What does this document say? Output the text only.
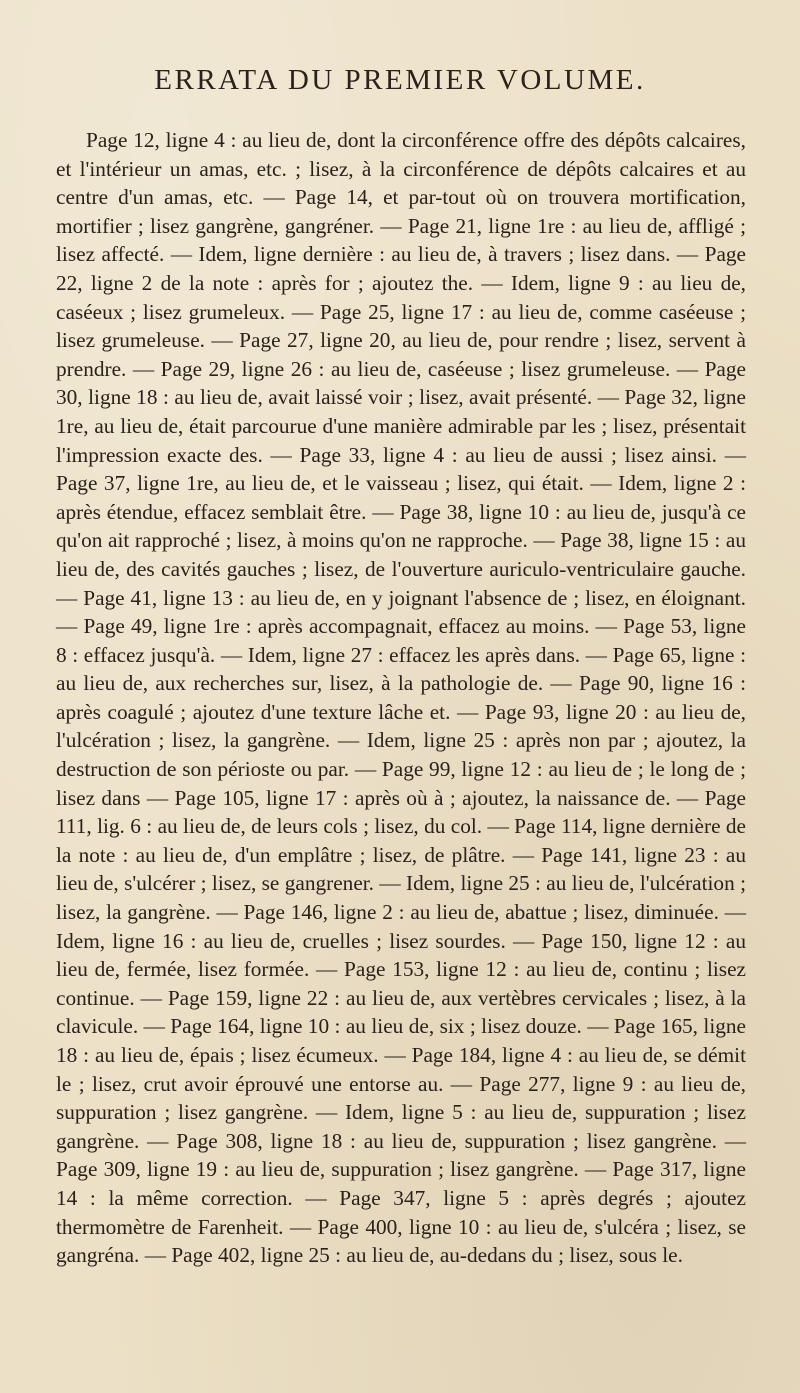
ERRATA DU PREMIER VOLUME.

Page 12, ligne 4 : au lieu de, dont la circonférence offre des dépôts calcaires, et l'intérieur un amas, etc. ; lisez, à la circonférence de dépôts calcaires et au centre d'un amas, etc. — Page 14, et par-tout où on trouvera mortification, mortifier ; lisez gangrène, gangréner. — Page 21, ligne 1re : au lieu de, affligé ; lisez affecté. — Idem, ligne dernière : au lieu de, à travers ; lisez dans. — Page 22, ligne 2 de la note : après for ; ajoutez the. — Idem, ligne 9 : au lieu de, caséeux ; lisez grumeleux. — Page 25, ligne 17 : au lieu de, comme caséeuse ; lisez grumeleuse. — Page 27, ligne 20, au lieu de, pour rendre ; lisez, servent à prendre. — Page 29, ligne 26 : au lieu de, caséeuse ; lisez grumeleuse. — Page 30, ligne 18 : au lieu de, avait laissé voir ; lisez, avait présenté. — Page 32, ligne 1re, au lieu de, était parcourue d'une manière admirable par les ; lisez, présentait l'impression exacte des. — Page 33, ligne 4 : au lieu de aussi ; lisez ainsi. — Page 37, ligne 1re, au lieu de, et le vaisseau ; lisez, qui était. — Idem, ligne 2 : après étendue, effacez semblait être. — Page 38, ligne 10 : au lieu de, jusqu'à ce qu'on ait rapproché ; lisez, à moins qu'on ne rapproche. — Page 38, ligne 15 : au lieu de, des cavités gauches ; lisez, de l'ouverture auriculo-ventriculaire gauche. — Page 41, ligne 13 : au lieu de, en y joignant l'absence de ; lisez, en éloignant. — Page 49, ligne 1re : après accompagnait, effacez au moins. — Page 53, ligne 8 : effacez jusqu'à. — Idem, ligne 27 : effacez les après dans. — Page 65, ligne : au lieu de, aux recherches sur, lisez, à la pathologie de. — Page 90, ligne 16 : après coagulé ; ajoutez d'une texture lâche et. — Page 93, ligne 20 : au lieu de, l'ulcération ; lisez, la gangrène. — Idem, ligne 25 : après non par ; ajoutez, la destruction de son périoste ou par. — Page 99, ligne 12 : au lieu de ; le long de ; lisez dans — Page 105, ligne 17 : après où à ; ajoutez, la naissance de. — Page 111, lig. 6 : au lieu de, de leurs cols ; lisez, du col. — Page 114, ligne dernière de la note : au lieu de, d'un emplâtre ; lisez, de plâtre. — Page 141, ligne 23 : au lieu de, s'ulcérer ; lisez, se gangrener. — Idem, ligne 25 : au lieu de, l'ulcération ; lisez, la gangrène. — Page 146, ligne 2 : au lieu de, abattue ; lisez, diminuée. — Idem, ligne 16 : au lieu de, cruelles ; lisez sourdes. — Page 150, ligne 12 : au lieu de, fermée, lisez formée. — Page 153, ligne 12 : au lieu de, continu ; lisez continue. — Page 159, ligne 22 : au lieu de, aux vertèbres cervicales ; lisez, à la clavicule. — Page 164, ligne 10 : au lieu de, six ; lisez douze. — Page 165, ligne 18 : au lieu de, épais ; lisez écumeux. — Page 184, ligne 4 : au lieu de, se démit le ; lisez, crut avoir éprouvé une entorse au. — Page 277, ligne 9 : au lieu de, suppuration ; lisez gangrène. — Idem, ligne 5 : au lieu de, suppuration ; lisez gangrène. — Page 308, ligne 18 : au lieu de, suppuration ; lisez gangrène. — Page 309, ligne 19 : au lieu de, suppuration ; lisez gangrène. — Page 317, ligne 14 : la même correction. — Page 347, ligne 5 : après degrés ; ajoutez thermomètre de Farenheit. — Page 400, ligne 10 : au lieu de, s'ulcéra ; lisez, se gangréna. — Page 402, ligne 25 : au lieu de, au-dedans du ; lisez, sous le.
